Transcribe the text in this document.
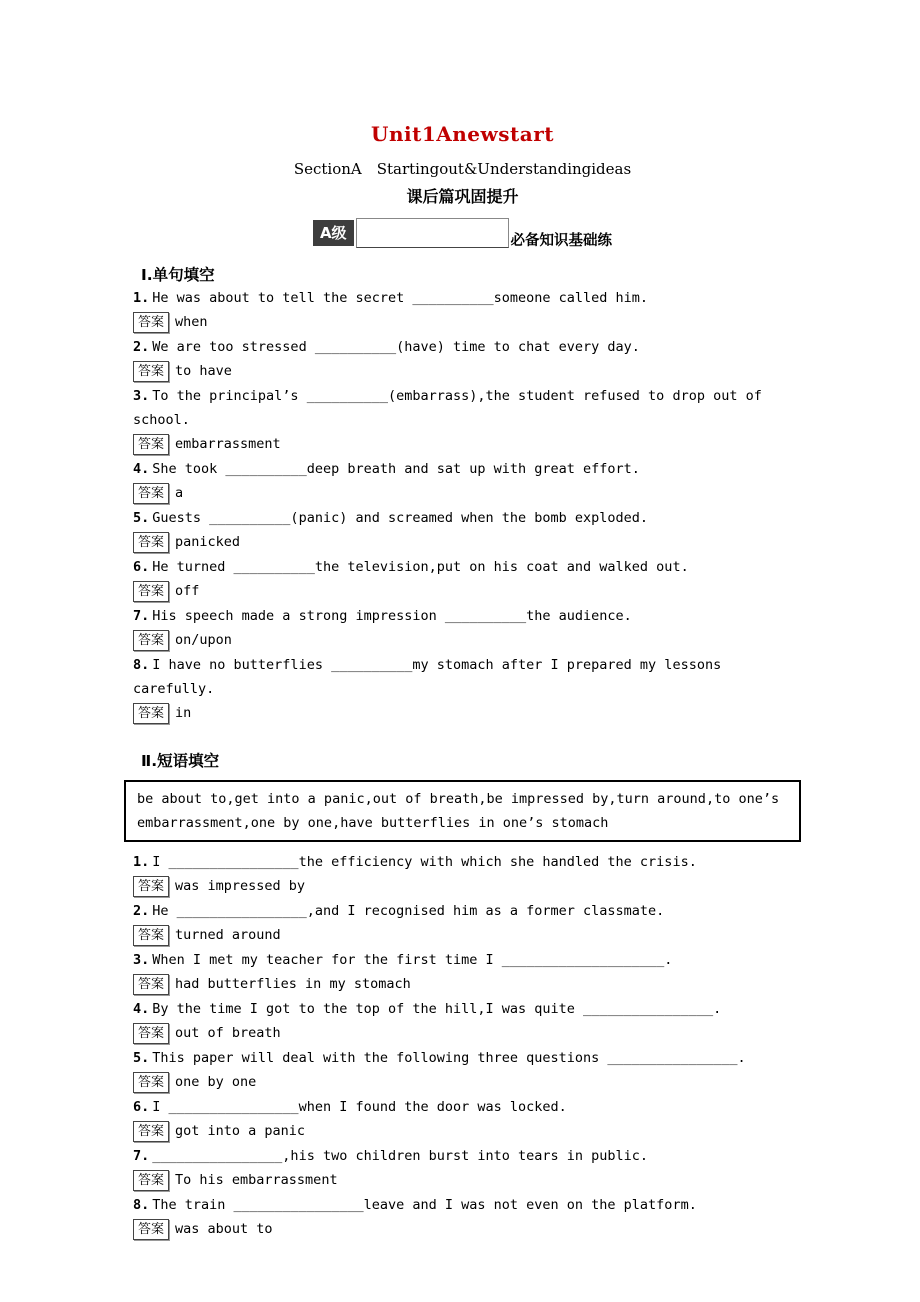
Unit1Anewstart
SectionA　Startingout&Understandingideas
课后篇巩固提升
A级	必备知识基础练
Ⅰ.单句填空
1. He was about to tell the secret __________someone called him.
答案 when
2. We are too stressed __________(have) time to chat every day.
答案 to have
3. To the principal’s __________(embarrass),the student refused to drop out of school.
答案 embarrassment
4. She took __________deep breath and sat up with great effort.
答案 a
5. Guests __________(panic) and screamed when the bomb exploded.
答案 panicked
6. He turned __________the television,put on his coat and walked out.
答案 off
7. His speech made a strong impression __________the audience.
答案 on/upon
8. I have no butterflies __________my stomach after I prepared my lessons carefully.
答案 in
Ⅱ.短语填空
be about to,get into a panic,out of breath,be impressed by,turn around,to one’s embarrassment,one by one,have butterflies in one’s stomach
1. I ________________the efficiency with which she handled the crisis.
答案 was impressed by
2. He ________________,and I recognised him as a former classmate.
答案 turned around
3. When I met my teacher for the first time I ____________________.
答案 had butterflies in my stomach
4. By the time I got to the top of the hill,I was quite ________________.
答案 out of breath
5. This paper will deal with the following three questions ________________.
答案 one by one
6. I ________________when I found the door was locked.
答案 got into a panic
7. ________________,his two children burst into tears in public.
答案 To his embarrassment
8. The train ________________leave and I was not even on the platform.
答案 was about to
